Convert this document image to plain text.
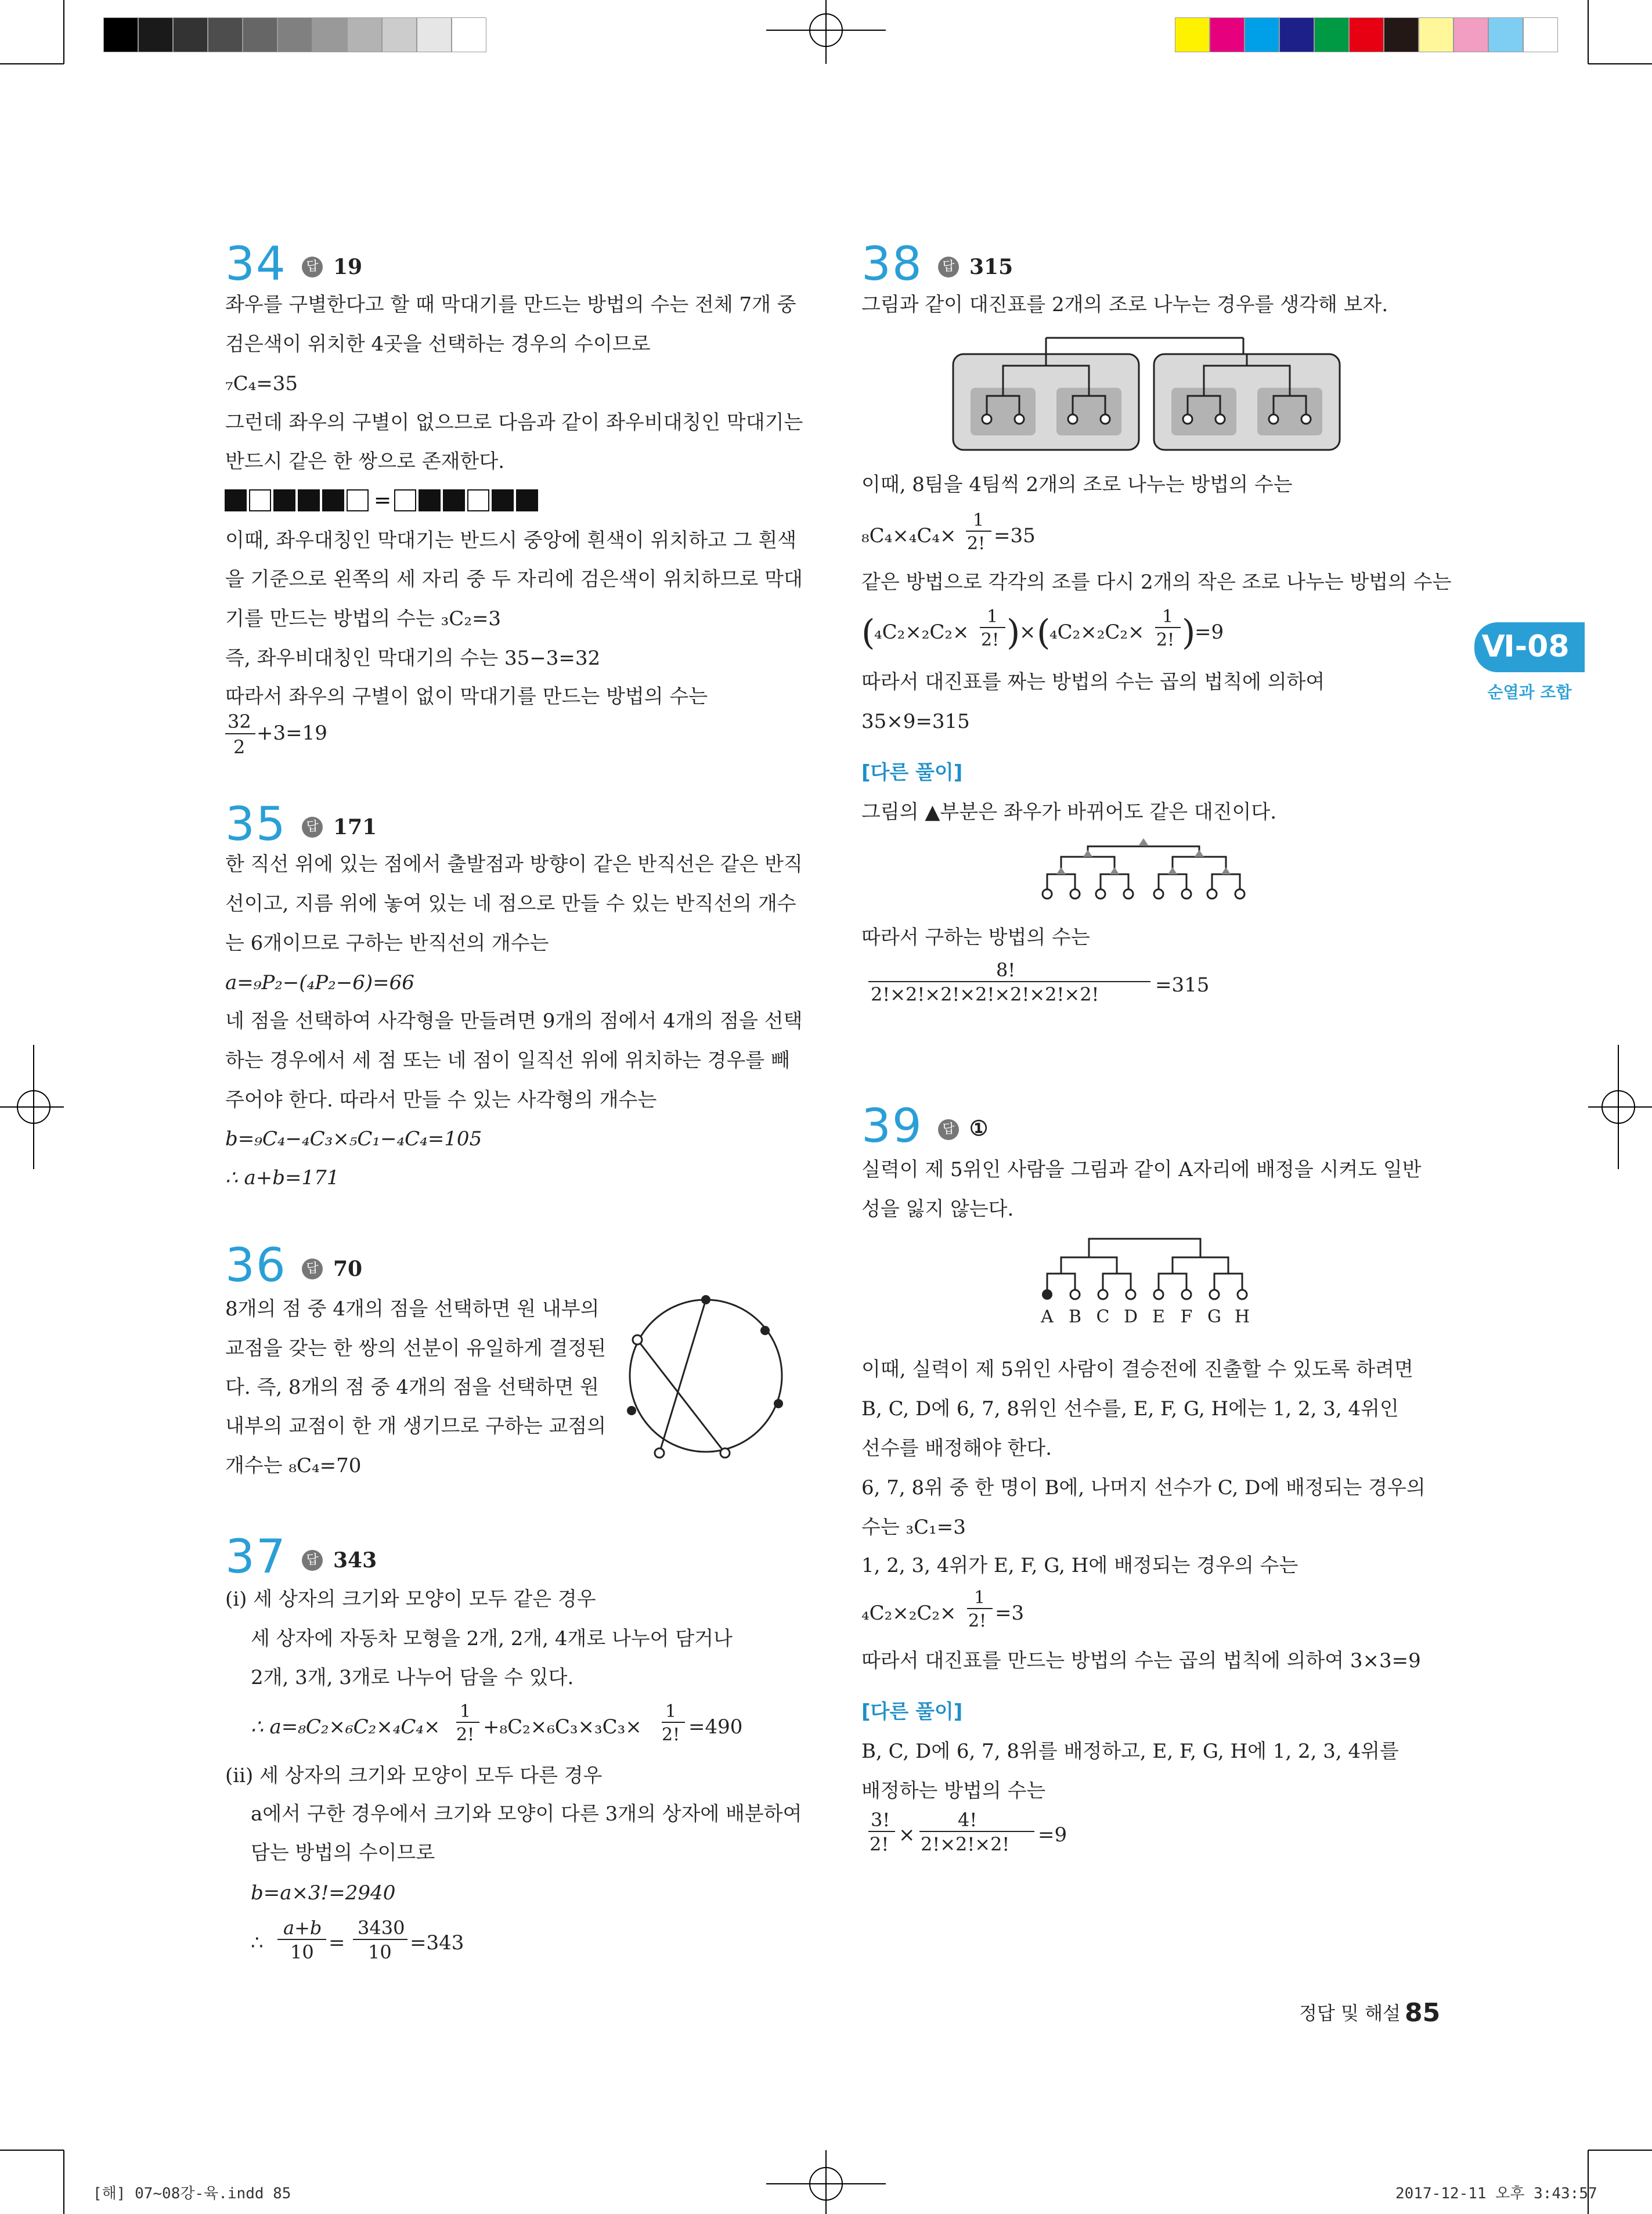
Ⅵ-08
순열과 조합
34	답 19
좌우를 구별한다고 할 때 막대기를 만드는 방법의 수는 전체 7개 중
검은색이 위치한 4곳을 선택하는 경우의 수이므로
₇C₄=35
그런데 좌우의 구별이 없으므로 다음과 같이 좌우비대칭인 막대기는
반드시 같은 한 쌍으로 존재한다.
=
이때, 좌우대칭인 막대기는 반드시 중앙에 흰색이 위치하고 그 흰색
을 기준으로 왼쪽의 세 자리 중 두 자리에 검은색이 위치하므로 막대
기를 만드는 방법의 수는 ₃C₂=3
즉, 좌우비대칭인 막대기의 수는 35−3=32
따라서 좌우의 구별이 없이 막대기를 만드는 방법의 수는
32
2
+3=19
35	답 171
한 직선 위에 있는 점에서 출발점과 방향이 같은 반직선은 같은 반직
선이고, 지름 위에 놓여 있는 네 점으로 만들 수 있는 반직선의 개수
는 6개이므로 구하는 반직선의 개수는
a=₉P₂−(₄P₂−6)=66
네 점을 선택하여 사각형을 만들려면 9개의 점에서 4개의 점을 선택
하는 경우에서 세 점 또는 네 점이 일직선 위에 위치하는 경우를 빼
주어야 한다. 따라서 만들 수 있는 사각형의 개수는
b=₉C₄−₄C₃×₅C₁−₄C₄=105
∴ a+b=171
36	답 70
8개의 점 중 4개의 점을 선택하면 원 내부의
교점을 갖는 한 쌍의 선분이 유일하게 결정된
다. 즉, 8개의 점 중 4개의 점을 선택하면 원
내부의 교점이 한 개 생기므로 구하는 교점의
개수는 ₈C₄=70
37	답 343
(ⅰ) 세 상자의 크기와 모양이 모두 같은 경우
세 상자에 자동차 모형을 2개, 2개, 4개로 나누어 담거나
2개, 3개, 3개로 나누어 담을 수 있다.
∴ a=₈C₂×₆C₂×₄C₄×
1
2! +₈C₂×₆C₃×₃C₃×
1
2! =490
(ⅱ) 세 상자의 크기와 모양이 모두 다른 경우
a에서 구한 경우에서 크기와 모양이 다른 3개의 상자에 배분하여
담는 방법의 수이므로
b=a×3!=2940
∴
a+b
10 =
3430
10 =343
38	답 315
그림과 같이 대진표를 2개의 조로 나누는 경우를 생각해 보자.
이때, 8팀을 4팀씩 2개의 조로 나누는 방법의 수는
₈C₄×₄C₄×
1
2! =35
같은 방법으로 각각의 조를 다시 2개의 작은 조로 나누는 방법의 수는
(
₄C₂×₂C₂×
1
2! )
× (
₄C₂×₂C₂×
1
2! )
=9
따라서 대진표를 짜는 방법의 수는 곱의 법칙에 의하여
35×9=315
[다른 풀이]
그림의 ▲부분은 좌우가 바뀌어도 같은 대진이다.
따라서 구하는 방법의 수는
8!
2!×2!×2!×2!×2!×2!×2!	=315
39	답 ①
실력이 제 5위인 사람을 그림과 같이 A자리에 배정을 시켜도 일반
성을 잃지 않는다.
A B C D E F G H
이때, 실력이 제 5위인 사람이 결승전에 진출할 수 있도록 하려면
B, C, D에 6, 7, 8위인 선수를, E, F, G, H에는 1, 2, 3, 4위인
선수를 배정해야 한다.
6, 7, 8위 중 한 명이 B에, 나머지 선수가 C, D에 배정되는 경우의
수는 ₃C₁=3
1, 2, 3, 4위가 E, F, G, H에 배정되는 경우의 수는
₄C₂×₂C₂×
1
2! =3
따라서 대진표를 만드는 방법의 수는 곱의 법칙에 의하여 3×3=9
[다른 풀이]
B, C, D에 6, 7, 8위를 배정하고, E, F, G, H에 1, 2, 3, 4위를
배정하는 방법의 수는
3!
2! ×
4!
2!×2!×2! =9
정답 및 해설 85
[해] 07~08강-육.indd 85	2017-12-11 오후 3:43:57
